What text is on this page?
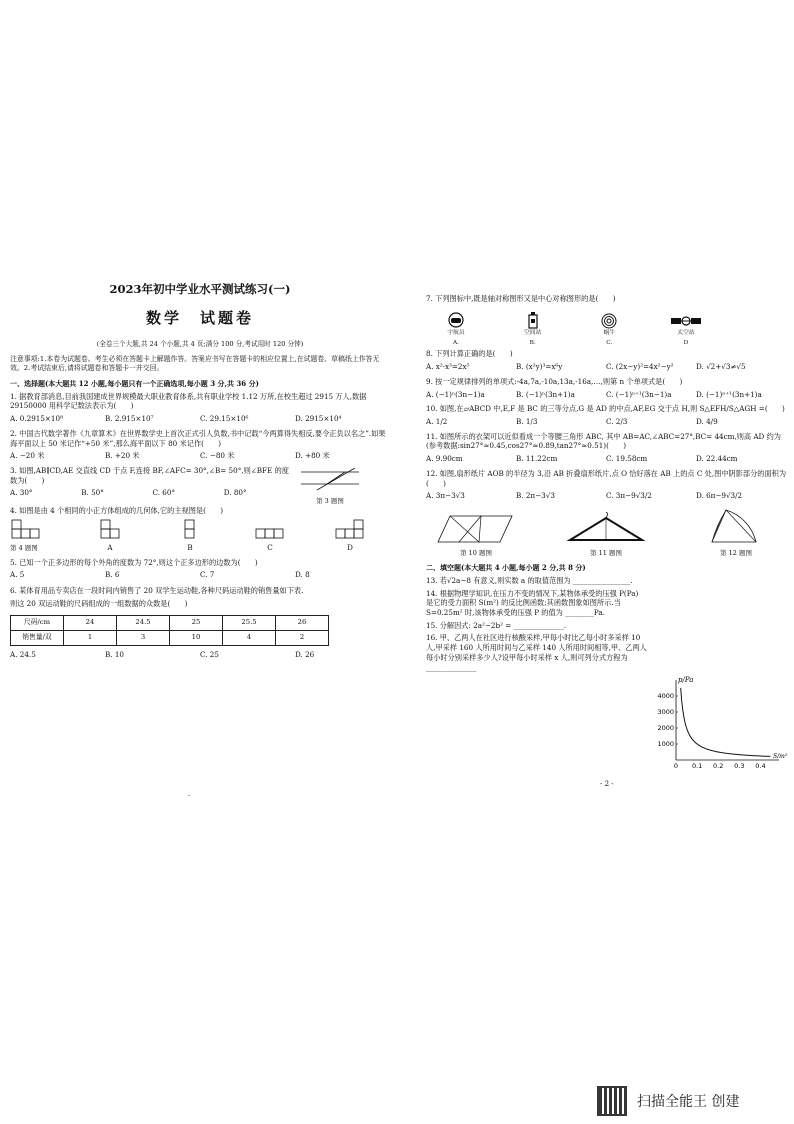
2023年初中学业水平测试练习(一)
数学　试题卷
(全卷三个大题,共 24 个小题,共 4 页;满分 100 分,考试用时 120 分钟)
注意事项:1.本卷为试题卷。考生必须在答题卡上解题作答。答案应书写在答题卡的相应位置上,在试题卷、草稿纸上作答无效。2.考试结束后,请将试题卷和答题卡一并交回。
一、选择题(本大题共 12 小题,每小题只有一个正确选项,每小题 3 分,共 36 分)
1. 据教育部消息,目前我国建成世界规模最大职业教育体系,共有职业学校 1.12 万所,在校生超过 2915 万人,数据 29150000 用科学记数法表示为(　　)
A. 0.2915×10⁸	B. 2.915×10⁷	C. 29.15×10⁶	D. 2915×10⁴
2. 中国古代数学著作《九章算术》在世界数学史上首次正式引人负数,书中记载“今两算得失相反,要令正负以名之”.如果海平面以上 50 米记作“+50 米”,那么海平面以下 80 米记作(　　)
A. −20 米	B. +20 米	C. −80 米	D. +80 米
3. 如图,AB∥CD,AE 交直线 CD 于点 F,连接 BF,∠AFC= 30°,∠B= 50°,则∠BFE 的度数为(　　)
A. 30°	B. 50°	C. 60°	D. 80°
第 3 题图
4. 如图是由 4 个相同的小正方体组成的几何体,它的主视图是(　　)
第 4 题图	A	B	C	D
5. 已知一个正多边形的每个外角的度数为 72°,则这个正多边形的边数为(　　)
A. 5	B. 6	C. 7	D. 8
6. 某体育用品专卖店在一段时间内销售了 20 双学生运动鞋,各种尺码运动鞋的销售量如下表.
则这 20 双运动鞋的尺码组成的一组数据的众数是(　　)
尺码/cm	24	24.5	25	25.5	26
销售量/双	1	3	10	4	2
A. 24.5	B. 10	C. 25	D. 26
·
7. 下列图标中,既是轴对称图形又是中心对称图形的是(　　)
宇航员	空间站	蜗牛	太空站
A.	B.	C.	D
8. 下列计算正确的是(　　)
A. x²·x³=2x⁵	B. (x²y)³=x⁶y	C. (2x−y)²=4x²−y²	D. √2+√3≠√5
9. 按一定规律排列的单项式:-4a,7a,-10a,13a,-16a,…,则第 n 个单项式是(　　)
A. (−1)ⁿ(3n−1)a	B. (−1)ⁿ(3n+1)a	C. (−1)ⁿ⁺¹(3n−1)a	D. (−1)ⁿ⁺¹(3n+1)a
10. 如图,在▱ABCD 中,E,F 是 BC 的三等分点,G 是 AD 的中点,AF,EG 交于点 H,则 S△EFH/S△AGH =(　　)
A. 1/2	B. 1/3	C. 2/3	D. 4/9
11. 如图所示的衣架可以近似看成一个等腰三角形 ABC, 其中 AB=AC,∠ABC=27°,BC= 44cm,则高 AD 约为(参考数据:sin27°≈0.45,cos27°≈0.89,tan27°≈0.51)(　　)
A. 9.90cm	B. 11.22cm	C. 19.58cm	D. 22.44cm
12. 如图,扇形纸片 AOB 的半径为 3,沿 AB 折叠扇形纸片,点 O 恰好落在 AB 上的点 C 处,图中阴影部分的面积为(　　)
A. 3π−3√3	B. 2π−3√3	C. 3π−9√3/2	D. 6π−9√3/2
第 10 题图	第 11 题图	第 12 题图
二、填空题(本大题共 4 小题,每小题 2 分,共 8 分)
13. 若√2a−8 有意义,则实数 a 的取值范围为 ________________.
14. 根据物理学知识,在压力不变的情况下,某物体承受的压强 P(Pa) 是它的受力面积 S(m²) 的反比例函数;其函数图象如图所示.当 S=0.25m² 时,该物体承受的压强 P 的值为 ________Pa.
15. 分解因式: 2a²−2b² = ______________.
16. 甲、乙两人在社区进行核酸采样,甲每小时比乙每小时多采样 10 人,甲采样 160 人所用时间与乙采样 140 人所用时间相等,甲、乙两人每小时分别采样多少人?设甲每小时采样 x 人,则可列分式方程为 ______________
p/Pa
S/m²
1000
2000
3000
4000
0 0.1 0.2 0.3 0.4
- 2 -
扫描全能王 创建
